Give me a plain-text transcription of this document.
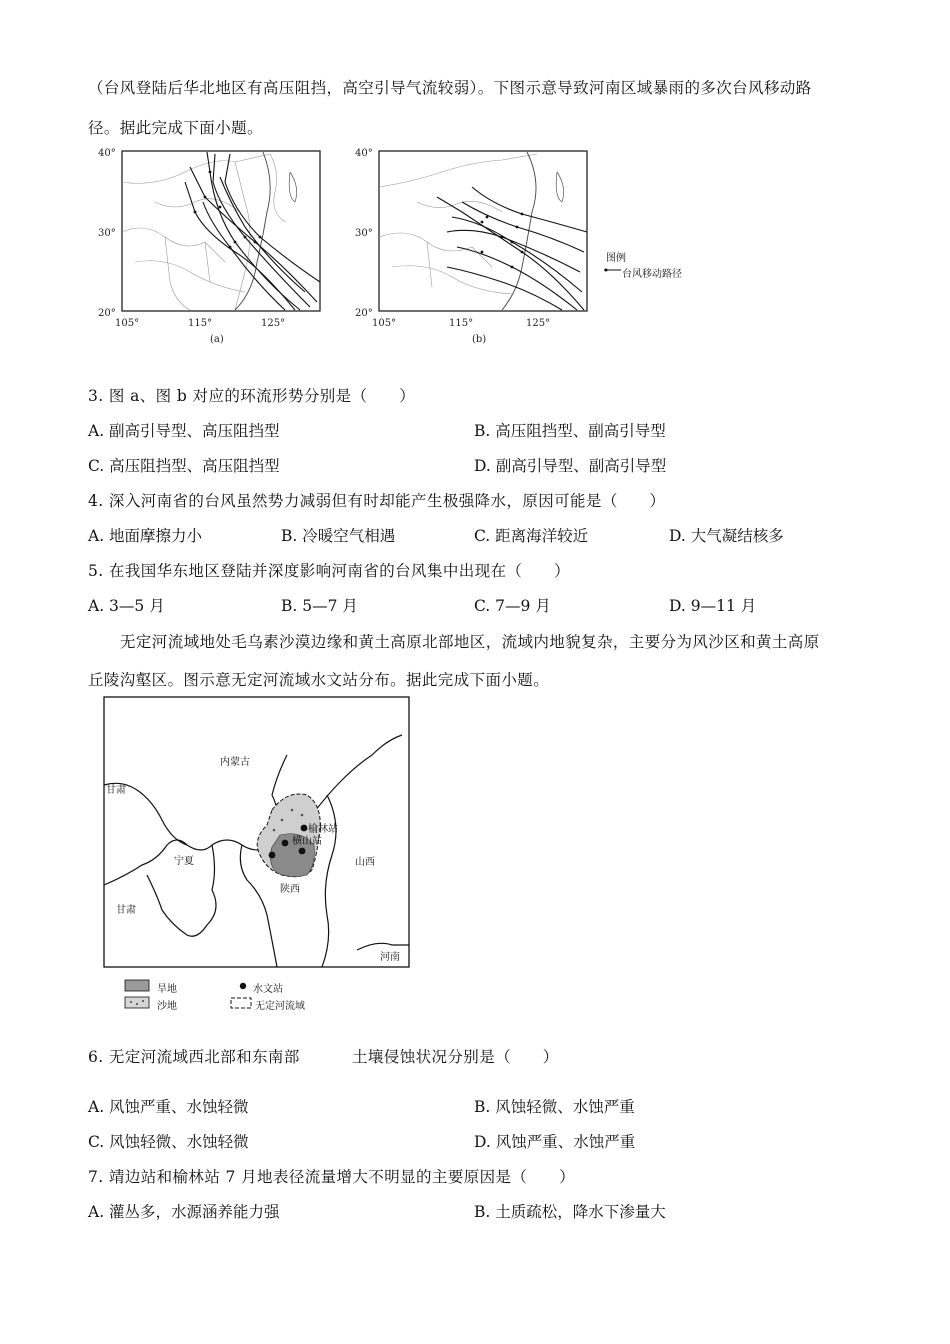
（台风登陆后华北地区有高压阻挡，高空引导气流较弱）。下图示意导致河南区域暴雨的多次台风移动路
径。据此完成下面小题。
40°
30°
20°
105°	115°	125°
(a)
40°
30°
20°
105°	115°	125°
(b)
图例
台风移动路径
3. 图 a、图 b 对应的环流形势分别是（　　）
A. 副高引导型、高压阻挡型	B. 高压阻挡型、副高引导型
C. 高压阻挡型、高压阻挡型	D. 副高引导型、副高引导型
4. 深入河南省的台风虽然势力减弱但有时却能产生极强降水，原因可能是（　　）
A. 地面摩擦力小	B. 冷暖空气相遇	C. 距离海洋较近	D. 大气凝结核多
5. 在我国华东地区登陆并深度影响河南省的台风集中出现在（　　）
A. 3—5 月	B. 5—7 月	C. 7—9 月	D. 9—11 月
无定河流域地处毛乌素沙漠边缘和黄土高原北部地区，流域内地貌复杂，主要分为风沙区和黄土高原
丘陵沟壑区。图示意无定河流域水文站分布。据此完成下面小题。
内蒙古
甘肃
宁夏
陕西
山西
甘肃
河南
榆林站
横山站
旱地
沙地
水文站
无定河流域
6. 无定河流域西北部和东南部	土壤侵蚀状况分别是（　　）
A. 风蚀严重、水蚀轻微	B. 风蚀轻微、水蚀严重
C. 风蚀轻微、水蚀轻微	D. 风蚀严重、水蚀严重
7. 靖边站和榆林站 7 月地表径流量增大不明显的主要原因是（　　）
A. 灌丛多，水源涵养能力强	B. 土质疏松，降水下渗量大
